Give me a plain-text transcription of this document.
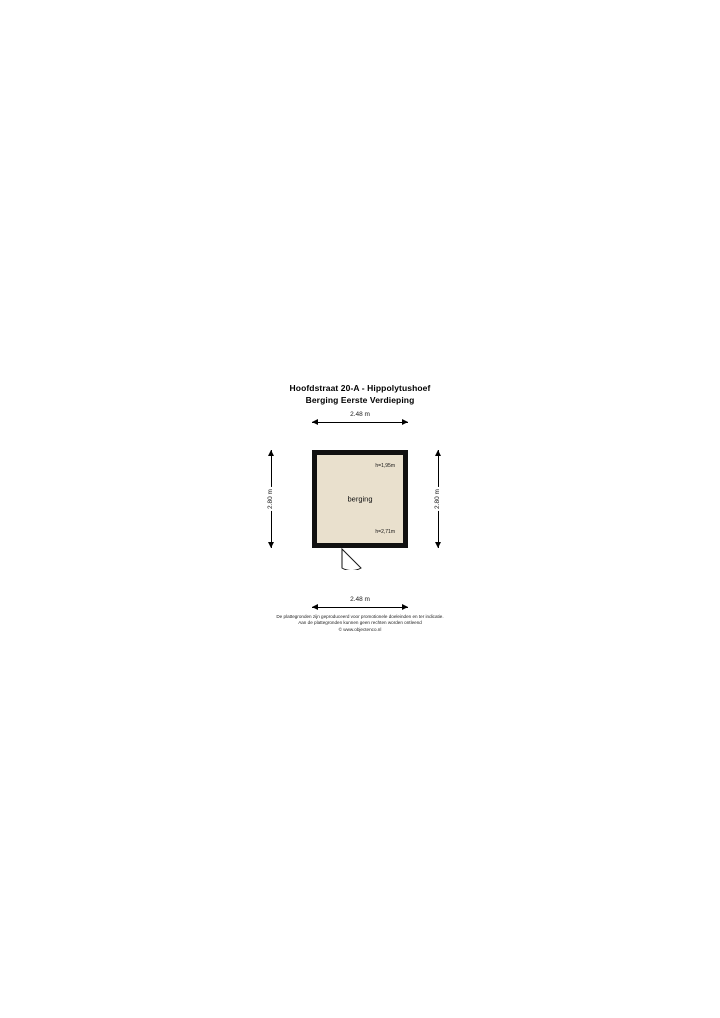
Hoofdstraat 20-A - Hippolytushoef
Berging Eerste Verdieping
2.48 m
2.80 m	2.80 m
h=1,95m
berging
h=2,71m
2.48 m
De plattegronden zijn geproduceerd voor promotionele doeleinden en ter indicatie.
Aan de plattegronden kunnen geen rechten worden ontleend
© www.objectenco.nl
